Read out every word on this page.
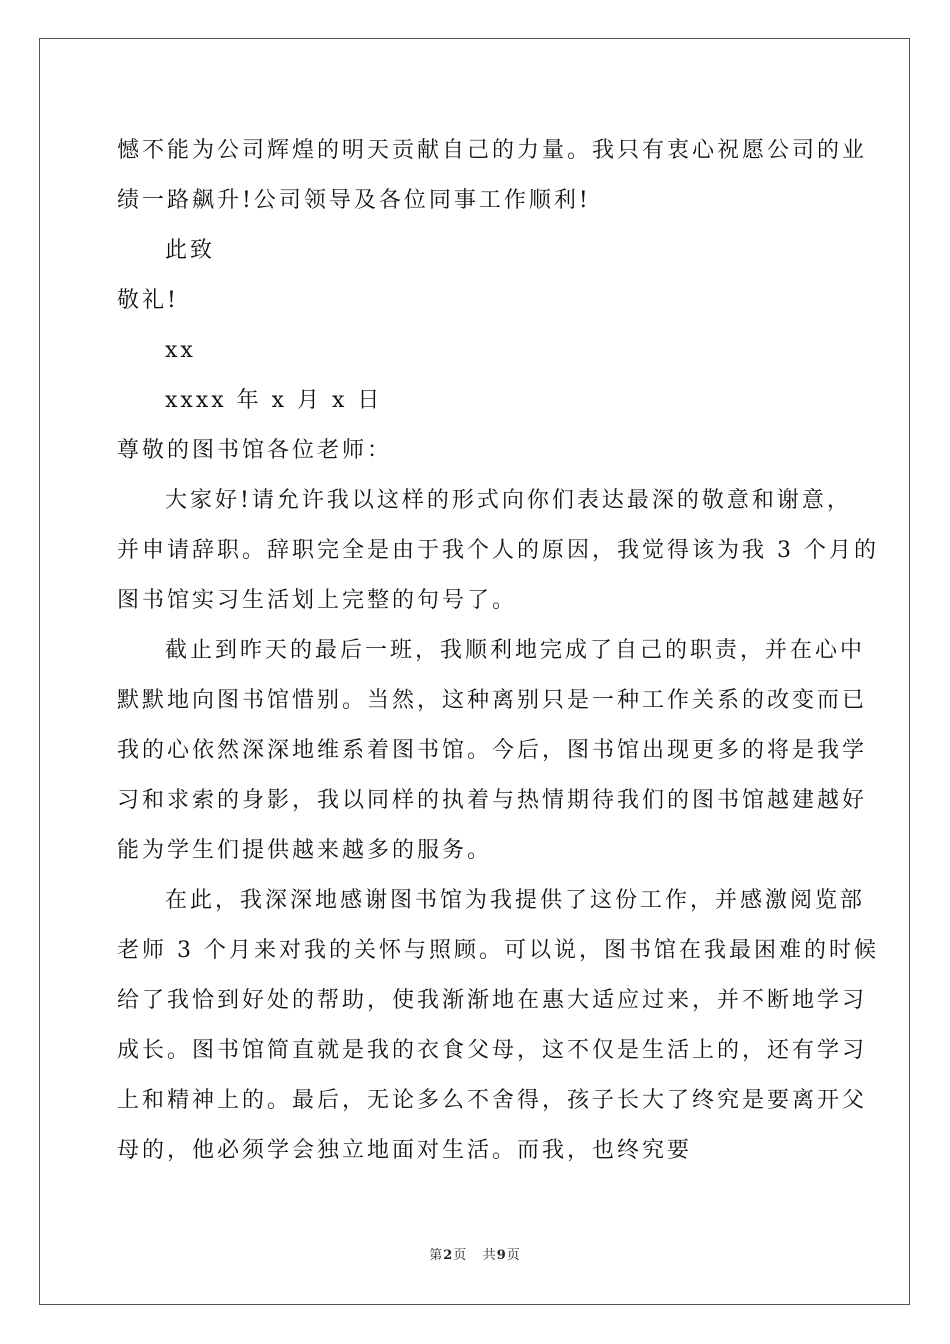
憾不能为公司辉煌的明天贡献自己的力量。我只有衷心祝愿公司的业
绩一路飙升!公司领导及各位同事工作顺利!
此致
敬礼!
xx
xxxx 年 x 月 x 日
尊敬的图书馆各位老师：
大家好!请允许我以这样的形式向你们表达最深的敬意和谢意，
并申请辞职。辞职完全是由于我个人的原因，我觉得该为我 3 个月的
图书馆实习生活划上完整的句号了。
截止到昨天的最后一班，我顺利地完成了自己的职责，并在心中
默默地向图书馆惜别。当然，这种离别只是一种工作关系的改变而已
我的心依然深深地维系着图书馆。今后，图书馆出现更多的将是我学
习和求索的身影，我以同样的执着与热情期待我们的图书馆越建越好
能为学生们提供越来越多的服务。
在此，我深深地感谢图书馆为我提供了这份工作，并感激阅览部
老师 3 个月来对我的关怀与照顾。可以说，图书馆在我最困难的时候
给了我恰到好处的帮助，使我渐渐地在惠大适应过来，并不断地学习
成长。图书馆简直就是我的衣食父母，这不仅是生活上的，还有学习
上和精神上的。最后，无论多么不舍得，孩子长大了终究是要离开父
母的，他必须学会独立地面对生活。而我，也终究要
第2页 共9页
